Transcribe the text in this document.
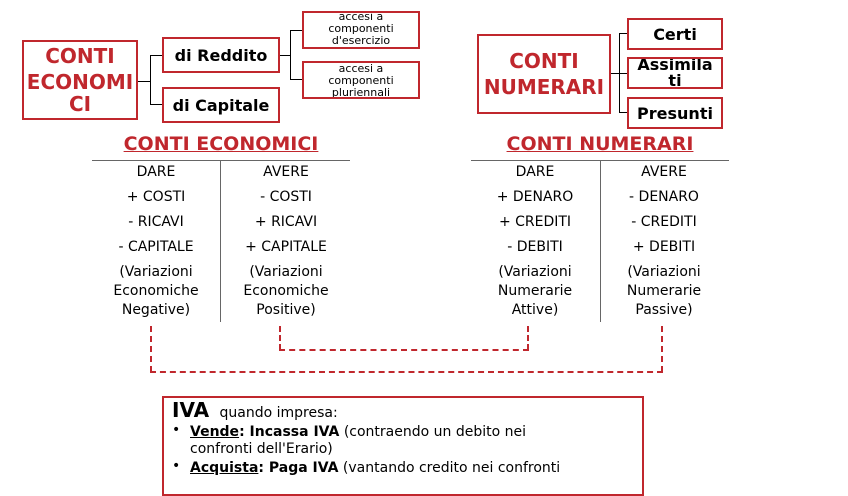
CONTI
ECONOMI
CI
di Reddito
di Capitale
accesi a componenti d'esercizio
accesi a componenti pluriennali
CONTI
NUMERARI
Certi
Assimila
ti
Presunti
CONTI ECONOMICI
DARE	AVERE
+ COSTI
- RICAVI
- CAPITALE
- COSTI
+ RICAVI
+ CAPITALE
(Variazioni
Economiche
Negative)
(Variazioni
Economiche
Positive)
CONTI NUMERARI
DARE	AVERE
+ DENARO
+ CREDITI
- DEBITI
- DENARO
- CREDITI
+ DEBITI
(Variazioni
Numerarie
Attive)
(Variazioni
Numerarie
Passive)
IVA quando impresa:
• Vende: Incassa IVA (contraendo un debito nei
confronti dell'Erario)
• Acquista: Paga IVA (vantando credito nei confronti
